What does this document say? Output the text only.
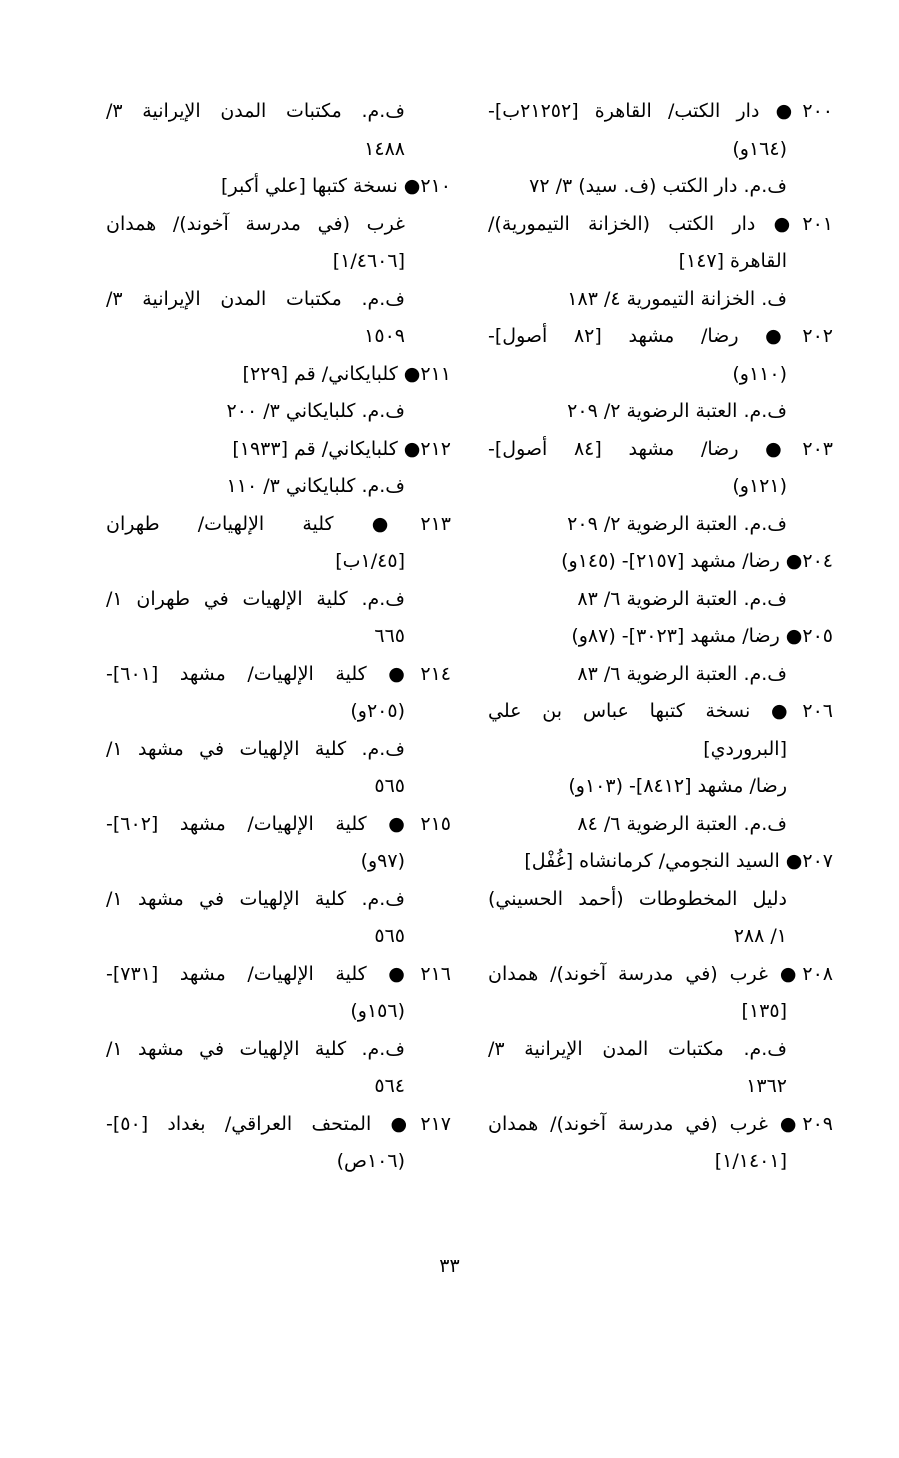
٢٠٠● دار الكتب/ القاهرة [٢١٢٥٢ب]-
(١٦٤و)
ف.م. دار الكتب (ف. سيد) ٣/ ٧٢
٢٠١● دار الكتب (الخزانة التيمورية)/
القاهرة [١٤٧]
ف. الخزانة التيمورية ٤/ ١٨٣
٢٠٢● رضا/ مشهد [٨٢ أصول]-
(١١٠و)
ف.م. العتبة الرضوية ٢/ ٢٠٩
٢٠٣● رضا/ مشهد [٨٤ أصول]-
(١٢١و)
ف.م. العتبة الرضوية ٢/ ٢٠٩
٢٠٤● رضا/ مشهد [٢١٥٧]- (١٤٥و)
ف.م. العتبة الرضوية ٦/ ٨٣
٢٠٥● رضا/ مشهد [٣٠٢٣]- (٨٧و)
ف.م. العتبة الرضوية ٦/ ٨٣
٢٠٦● نسخة كتبها عباس بن علي
[البروردي]
رضا/ مشهد [٨٤١٢]- (١٠٣و)
ف.م. العتبة الرضوية ٦/ ٨٤
٢٠٧● السيد النجومي/ كرمانشاه [غُفْل]
دليل المخطوطات (أحمد الحسيني)
١/ ٢٨٨
٢٠٨● غرب (في مدرسة آخوند)/ همدان
[١٣٥]
ف.م. مكتبات المدن الإيرانية ٣/
١٣٦٢
٢٠٩● غرب (في مدرسة آخوند)/ همدان
[١/١٤٠١]
ف.م. مكتبات المدن الإيرانية ٣/
١٤٨٨
٢١٠● نسخة كتبها [علي أكبر]
غرب (في مدرسة آخوند)/ همدان
[١/٤٦٠٦]
ف.م. مكتبات المدن الإيرانية ٣/
١٥٠٩
٢١١● كلبايكاني/ قم [٢٢٩]
ف.م. كلبايكاني ٣/ ٢٠٠
٢١٢● كلبايكاني/ قم [١٩٣٣]
ف.م. كلبايكاني ٣/ ١١٠
٢١٣● كلية الإلهيات/ طهران
[١/٤٥ب]
ف.م. كلية الإلهيات في طهران ١/
٦٦٥
٢١٤● كلية الإلهيات/ مشهد [٦٠١]-
(٢٠٥و)
ف.م. كلية الإلهيات في مشهد ١/
٥٦٥
٢١٥● كلية الإلهيات/ مشهد [٦٠٢]-
(٩٧و)
ف.م. كلية الإلهيات في مشهد ١/
٥٦٥
٢١٦● كلية الإلهيات/ مشهد [٧٣١]-
(١٥٦و)
ف.م. كلية الإلهيات في مشهد ١/
٥٦٤
٢١٧● المتحف العراقي/ بغداد [٥٠]-
(١٠٦ص)
٣٣
